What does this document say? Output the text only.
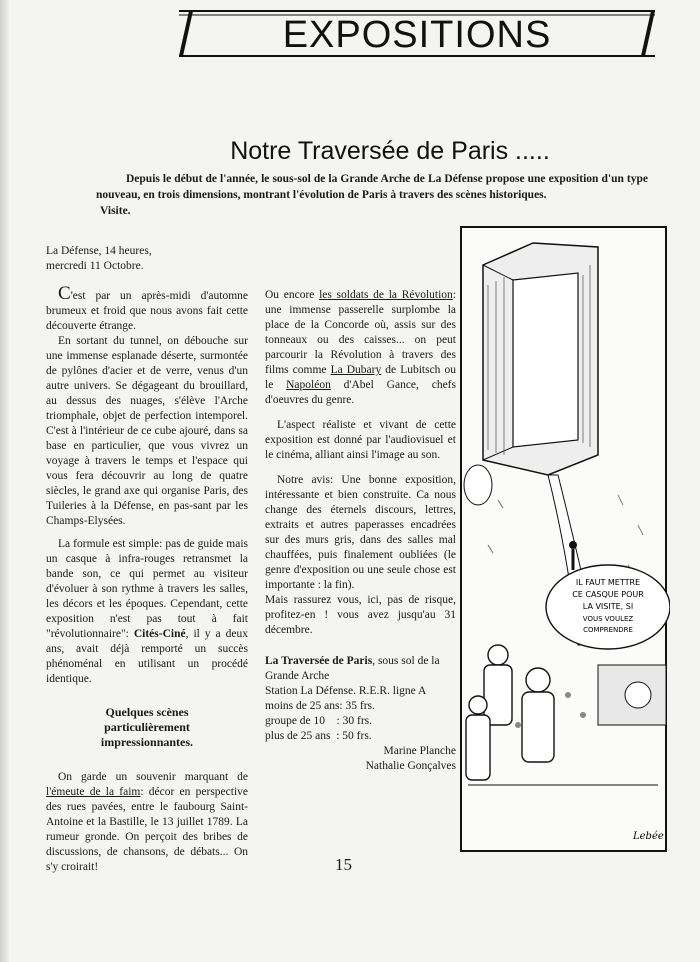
EXPOSITIONS
Notre Traversée de Paris .....
Depuis le début de l'année, le sous-sol de la Grande Arche de La Défense propose une exposition d'un type nouveau, en trois dimensions, montrant l'évolution de Paris à travers des scènes historiques.
Visite.
La Défense, 14 heures,
mercredi 11 Octobre.

C'est par un après-midi d'automne brumeux et froid que nous avons fait cette découverte étrange.

En sortant du tunnel, on débouche sur une immense esplanade déserte, surmontée de pylônes d'acier et de verre, venus d'un autre univers. Se dégageant du brouillard, au dessus des nuages, s'élève l'Arche triomphale, objet de perfection intemporel. C'est à l'intérieur de ce cube ajouré, dans sa base en particulier, que vous vivrez un voyage à travers le temps et l'espace qui vous fera découvrir au long de quatre siècles, le grand axe qui organise Paris, des Tuileries à la Défense, en pas-sant par les Champs-Elysées.

La formule est simple: pas de guide mais un casque à infra-rouges retransmet la bande son, ce qui permet au visiteur d'évoluer à son rythme à travers les salles, les décors et les époques. Cependant, cette exposition n'est pas tout à fait "révolutionnaire": Cités-Ciné, il y a deux ans, avait déjà remporté un succès phénoménal en utilisant un procédé identique.

Quelques scènes particulièrement impressionnantes.

On garde un souvenir marquant de l'émeute de la faim: décor en perspective des rues pavées, entre le faubourg Saint-Antoine et la Bastille, le 13 juillet 1789. La rumeur gronde. On perçoit des bribes de discussions, de chansons, de débats... On s'y croirait!

Ou encore les soldats de la Révolution: une immense passerelle surplombe la place de la Concorde où, assis sur des tonneaux ou des caisses... on peut parcourir la Révolution à travers des films comme La Dubary de Lubitsch ou le Napoléon d'Abel Gance, chefs d'oeuvres du genre.

L'aspect réaliste et vivant de cette exposition est donné par l'audiovisuel et le cinéma, alliant ainsi l'image au son.

Notre avis: Une bonne exposition, intéressante et bien construite. Ca nous change des éternels discours, lettres, extraits et autres paperasses encadrées sur des murs gris, dans des salles mal chauffées, puis finalement oubliées (le genre d'exposition ou une seule chose est importante : la fin).

Mais rassurez vous, ici, pas de risque, profitez-en ! vous avez jusqu'au 31 décembre.

La Traversée de Paris, sous sol de la Grande Arche
Station La Défense. R.E.R. ligne A
moins de 25 ans: 35 frs.
groupe de 10    : 30 frs.
plus de 25 ans  : 50 frs.
Marine Planche
Nathalie Gonçalves
IL FAUT METTRE
CE CASQUE POUR
LA VISITE, SI
VOUS VOULEZ
COMPRENDRE
Lebée
15
